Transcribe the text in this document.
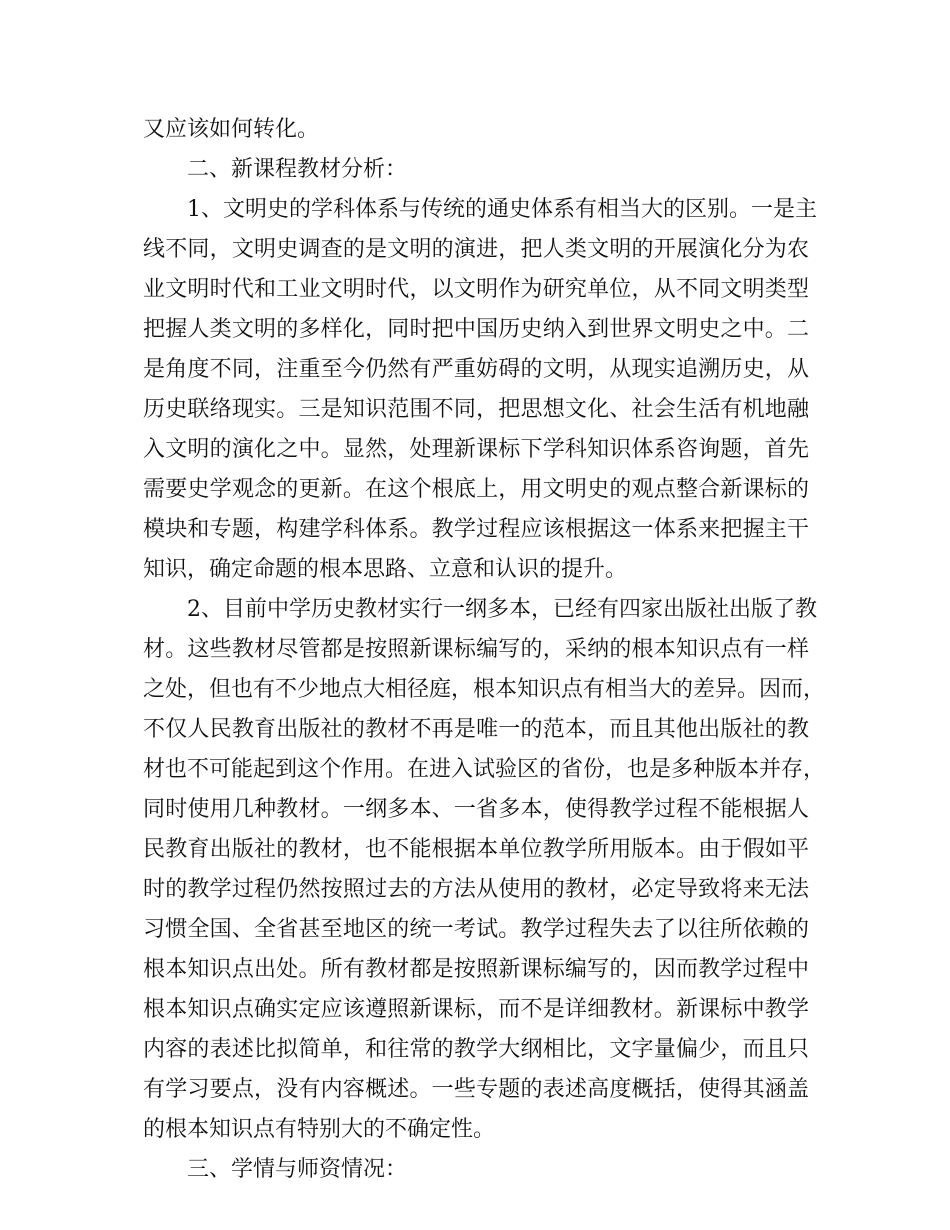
又应该如何转化。
二、新课程教材分析：
1、文明史的学科体系与传统的通史体系有相当大的区别。一是主
线不同，文明史调查的是文明的演进，把人类文明的开展演化分为农
业文明时代和工业文明时代，以文明作为研究单位，从不同文明类型
把握人类文明的多样化，同时把中国历史纳入到世界文明史之中。二
是角度不同，注重至今仍然有严重妨碍的文明，从现实追溯历史，从
历史联络现实。三是知识范围不同，把思想文化、社会生活有机地融
入文明的演化之中。显然，处理新课标下学科知识体系咨询题，首先
需要史学观念的更新。在这个根底上，用文明史的观点整合新课标的
模块和专题，构建学科体系。教学过程应该根据这一体系来把握主干
知识，确定命题的根本思路、立意和认识的提升。
2、目前中学历史教材实行一纲多本，已经有四家出版社出版了教
材。这些教材尽管都是按照新课标编写的，采纳的根本知识点有一样
之处，但也有不少地点大相径庭，根本知识点有相当大的差异。因而，
不仅人民教育出版社的教材不再是唯一的范本，而且其他出版社的教
材也不可能起到这个作用。在进入试验区的省份，也是多种版本并存，
同时使用几种教材。一纲多本、一省多本，使得教学过程不能根据人
民教育出版社的教材，也不能根据本单位教学所用版本。由于假如平
时的教学过程仍然按照过去的方法从使用的教材，必定导致将来无法
习惯全国、全省甚至地区的统一考试。教学过程失去了以往所依赖的
根本知识点出处。所有教材都是按照新课标编写的，因而教学过程中
根本知识点确实定应该遵照新课标，而不是详细教材。新课标中教学
内容的表述比拟简单，和往常的教学大纲相比，文字量偏少，而且只
有学习要点，没有内容概述。一些专题的表述高度概括，使得其涵盖
的根本知识点有特别大的不确定性。
三、学情与师资情况：
